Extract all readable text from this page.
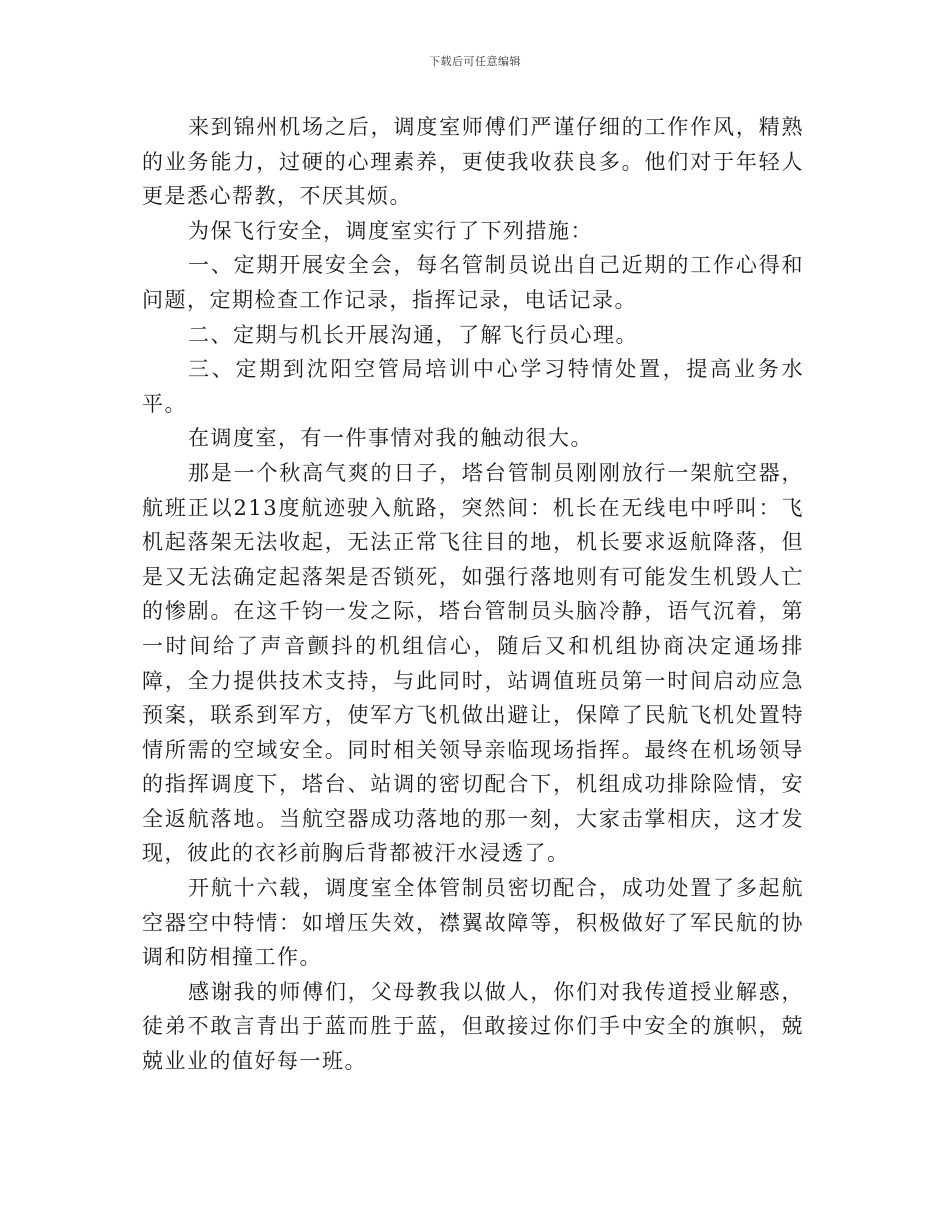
下载后可任意编辑

来到锦州机场之后，调度室师傅们严谨仔细的工作作风，精熟的业务能力，过硬的心理素养，更使我收获良多。他们对于年轻人更是悉心帮教，不厌其烦。

为保飞行安全，调度室实行了下列措施：

一、定期开展安全会，每名管制员说出自己近期的工作心得和问题，定期检查工作记录，指挥记录，电话记录。

二、定期与机长开展沟通，了解飞行员心理。

三、定期到沈阳空管局培训中心学习特情处置，提高业务水平。

在调度室，有一件事情对我的触动很大。

那是一个秋高气爽的日子，塔台管制员刚刚放行一架航空器，航班正以213度航迹驶入航路，突然间：机长在无线电中呼叫：飞机起落架无法收起，无法正常飞往目的地，机长要求返航降落，但是又无法确定起落架是否锁死，如强行落地则有可能发生机毁人亡的惨剧。在这千钧一发之际，塔台管制员头脑冷静，语气沉着，第一时间给了声音颤抖的机组信心，随后又和机组协商决定通场排障，全力提供技术支持，与此同时，站调值班员第一时间启动应急预案，联系到军方，使军方飞机做出避让，保障了民航飞机处置特情所需的空域安全。同时相关领导亲临现场指挥。最终在机场领导的指挥调度下，塔台、站调的密切配合下，机组成功排除险情，安全返航落地。当航空器成功落地的那一刻，大家击掌相庆，这才发现，彼此的衣衫前胸后背都被汗水浸透了。

开航十六载，调度室全体管制员密切配合，成功处置了多起航空器空中特情：如增压失效，襟翼故障等，积极做好了军民航的协调和防相撞工作。

感谢我的师傅们，父母教我以做人，你们对我传道授业解惑，徒弟不敢言青出于蓝而胜于蓝，但敢接过你们手中安全的旗帜，兢兢业业的值好每一班。
